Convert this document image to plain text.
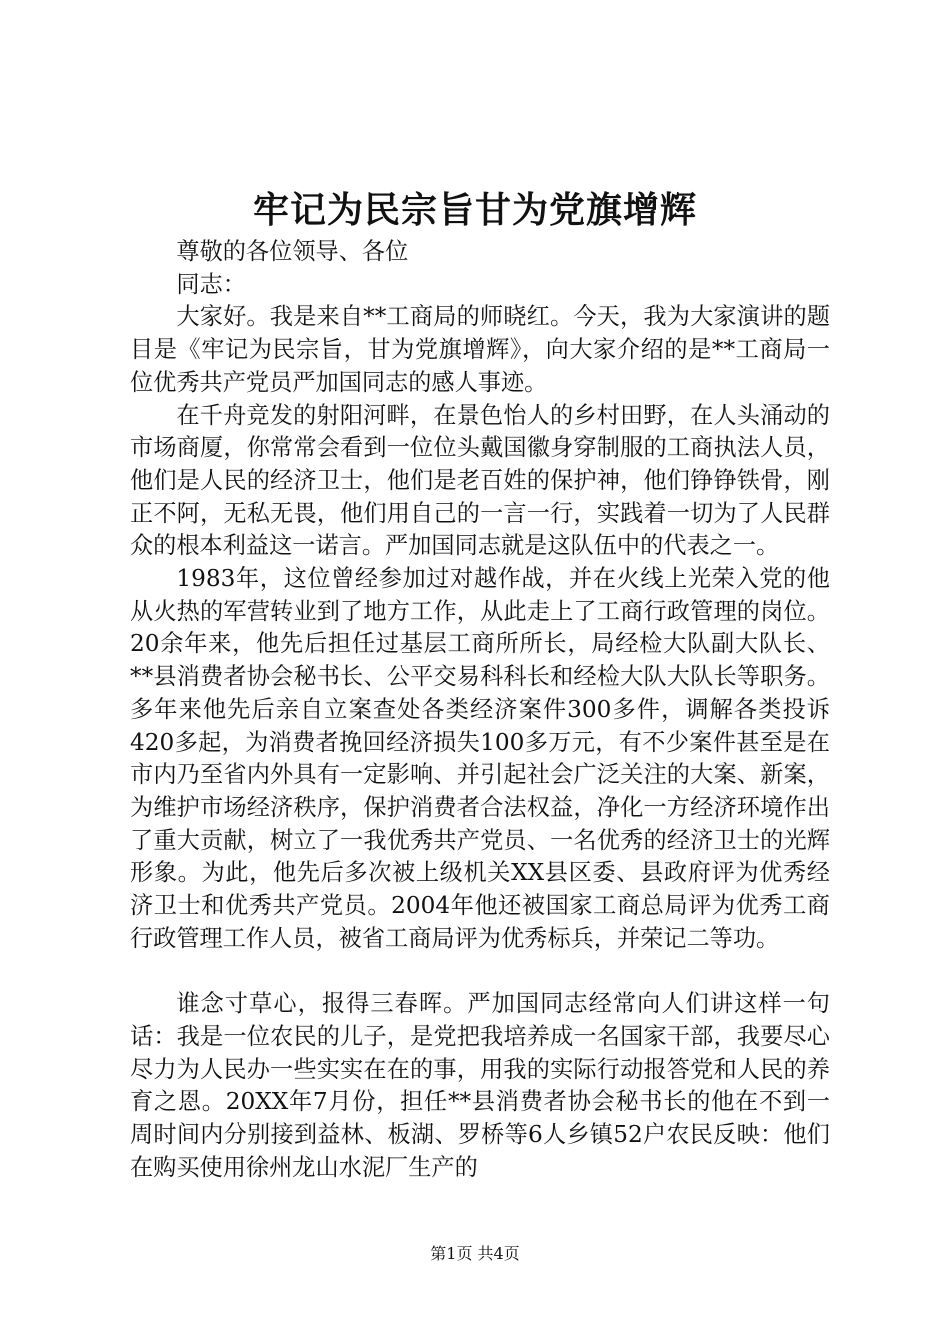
牢记为民宗旨甘为党旗增辉

尊敬的各位领导、各位

同志：

大家好。我是来自**工商局的师晓红。今天，我为大家演讲的题目是《牢记为民宗旨，甘为党旗增辉》，向大家介绍的是**工商局一位优秀共产党员严加国同志的感人事迹。

在千舟竞发的射阳河畔，在景色怡人的乡村田野，在人头涌动的市场商厦，你常常会看到一位位头戴国徽身穿制服的工商执法人员，他们是人民的经济卫士，他们是老百姓的保护神，他们铮铮铁骨，刚正不阿，无私无畏，他们用自己的一言一行，实践着一切为了人民群众的根本利益这一诺言。严加国同志就是这队伍中的代表之一。

1983年，这位曾经参加过对越作战，并在火线上光荣入党的他从火热的军营转业到了地方工作，从此走上了工商行政管理的岗位。20余年来，他先后担任过基层工商所所长，局经检大队副大队长、**县消费者协会秘书长、公平交易科科长和经检大队大队长等职务。多年来他先后亲自立案查处各类经济案件300多件，调解各类投诉420多起，为消费者挽回经济损失100多万元，有不少案件甚至是在市内乃至省内外具有一定影响、并引起社会广泛关注的大案、新案，为维护市场经济秩序，保护消费者合法权益，净化一方经济环境作出了重大贡献，树立了一我优秀共产党员、一名优秀的经济卫士的光辉形象。为此，他先后多次被上级机关XX县区委、县政府评为优秀经济卫士和优秀共产党员。2004年他还被国家工商总局评为优秀工商行政管理工作人员，被省工商局评为优秀标兵，并荣记二等功。

谁念寸草心，报得三春晖。严加国同志经常向人们讲这样一句话：我是一位农民的儿子，是党把我培养成一名国家干部，我要尽心尽力为人民办一些实实在在的事，用我的实际行动报答党和人民的养育之恩。20XX年7月份，担任**县消费者协会秘书长的他在不到一周时间内分别接到益林、板湖、罗桥等6人乡镇52户农民反映：他们在购买使用徐州龙山水泥厂生产的

第1页 共4页
